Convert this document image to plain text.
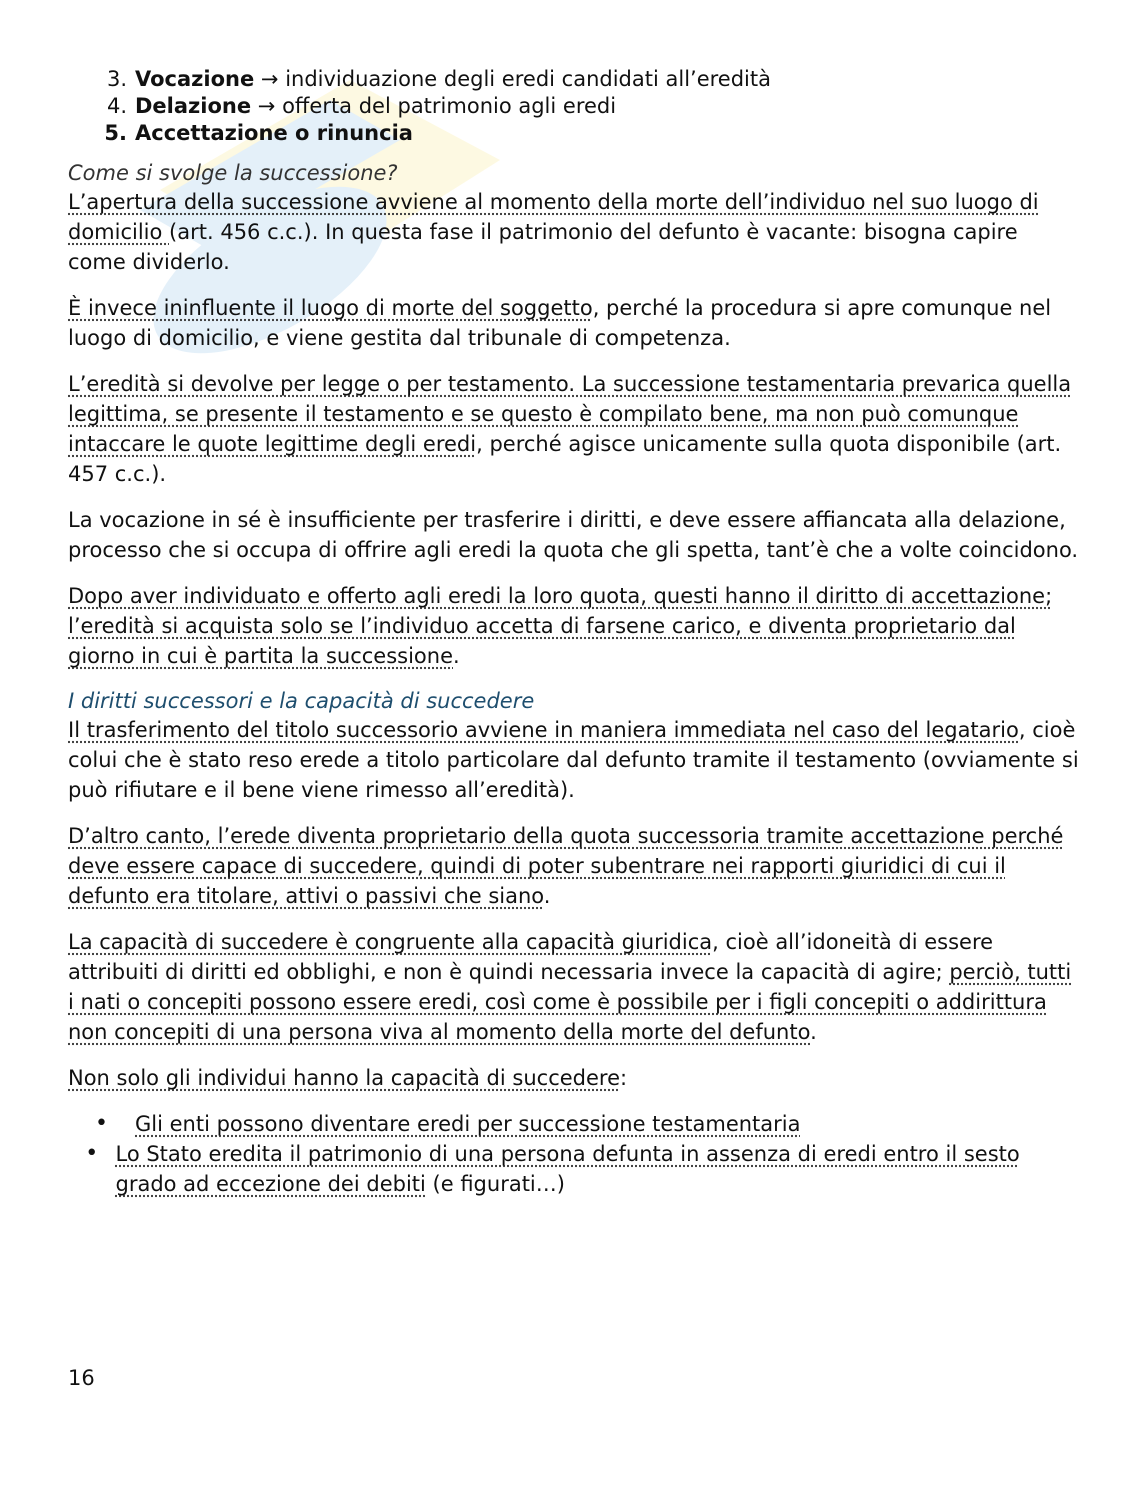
3. Vocazione → individuazione degli eredi candidati all’eredità
4. Delazione → offerta del patrimonio agli eredi
5. Accettazione o rinuncia
Come si svolge la successione?

L’apertura della successione avviene al momento della morte dell’individuo nel suo luogo di domicilio (art. 456 c.c.). In questa fase il patrimonio del defunto è vacante: bisogna capire come dividerlo.

È invece ininfluente il luogo di morte del soggetto, perché la procedura si apre comunque nel luogo di domicilio, e viene gestita dal tribunale di competenza.

L’eredità si devolve per legge o per testamento. La successione testamentaria prevarica quella legittima, se presente il testamento e se questo è compilato bene, ma non può comunque intaccare le quote legittime degli eredi, perché agisce unicamente sulla quota disponibile (art. 457 c.c.).

La vocazione in sé è insufficiente per trasferire i diritti, e deve essere affiancata alla delazione, processo che si occupa di offrire agli eredi la quota che gli spetta, tant’è che a volte coincidono.

Dopo aver individuato e offerto agli eredi la loro quota, questi hanno il diritto di accettazione; l’eredità si acquista solo se l’individuo accetta di farsene carico, e diventa proprietario dal giorno in cui è partita la successione.

I diritti successori e la capacità di succedere

Il trasferimento del titolo successorio avviene in maniera immediata nel caso del legatario, cioè colui che è stato reso erede a titolo particolare dal defunto tramite il testamento (ovviamente si può rifiutare e il bene viene rimesso all’eredità).

D’altro canto, l’erede diventa proprietario della quota successoria tramite accettazione perché deve essere capace di succedere, quindi di poter subentrare nei rapporti giuridici di cui il defunto era titolare, attivi o passivi che siano.

La capacità di succedere è congruente alla capacità giuridica, cioè all’idoneità di essere attribuiti di diritti ed obblighi, e non è quindi necessaria invece la capacità di agire; perciò, tutti i nati o concepiti possono essere eredi, così come è possibile per i figli concepiti o addirittura non concepiti di una persona viva al momento della morte del defunto.

Non solo gli individui hanno la capacità di succedere:

•	Gli enti possono diventare eredi per successione testamentaria
• Lo Stato eredita il patrimonio di una persona defunta in assenza di eredi entro il sesto grado ad eccezione dei debiti (e figurati…)
16
